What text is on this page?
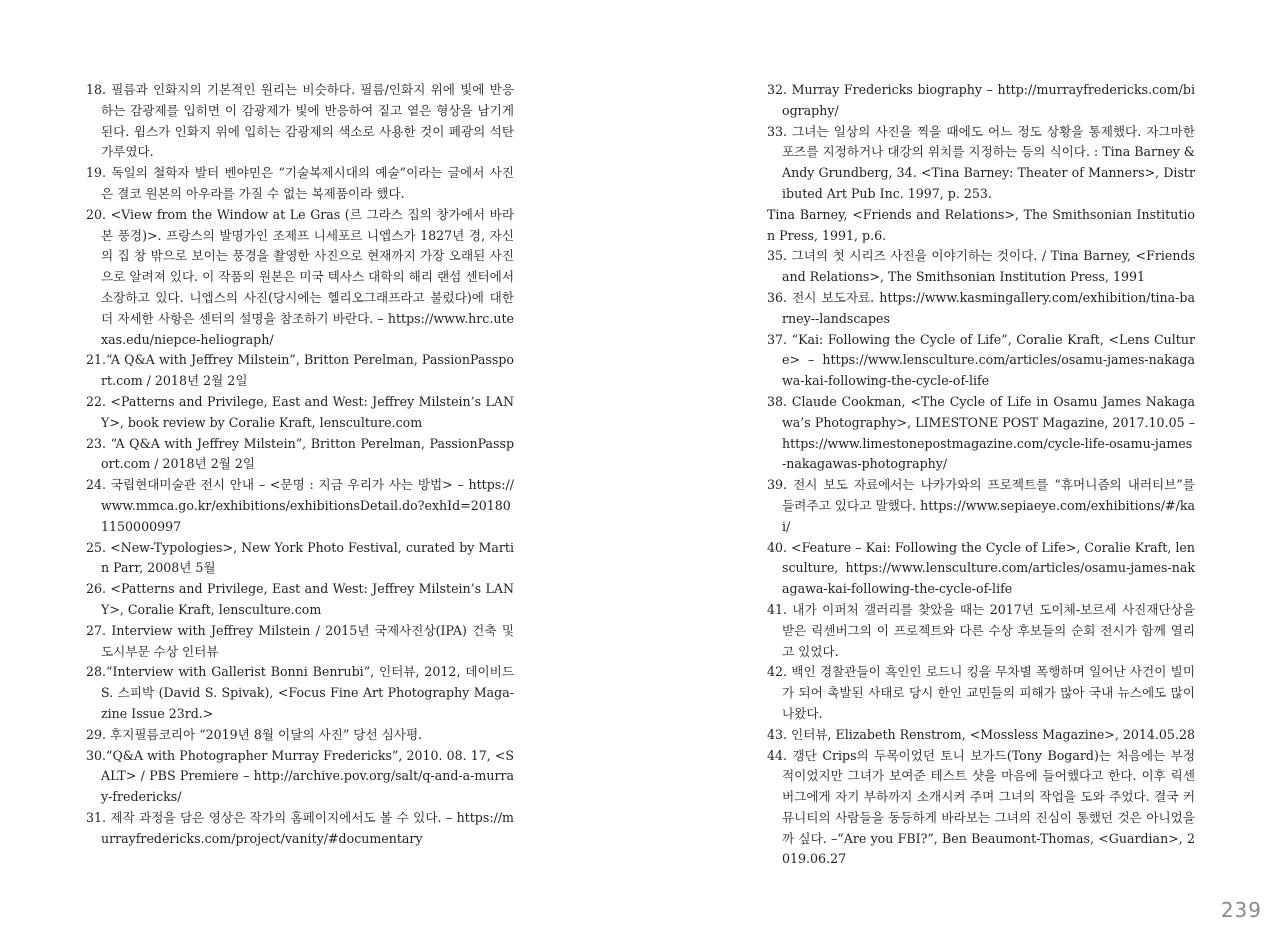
18. 필름과 인화지의 기본적인 원리는 비슷하다. 필름/인화지 위에 빛에 반응하는 감광제를 입히면 이 감광제가 빛에 반응하여 짙고 옅은 형상을 남기게 된다. 윔스가 인화지 위에 입히는 감광제의 색소로 사용한 것이 폐광의 석탄가루였다.

19. 독일의 철학자 발터 벤야민은 “기술복제시대의 예술”이라는 글에서 사진은 결코 원본의 아우라를 가질 수 없는 복제품이라 했다.

20. <View from the Window at Le Gras (르 그라스 집의 창가에서 바라본 풍경)>. 프랑스의 발명가인 조제프 니세포르 니엡스가 1827년 경, 자신의 집 창 밖으로 보이는 풍경을 촬영한 사진으로 현재까지 가장 오래된 사진으로 알려져 있다. 이 작품의 원본은 미국 텍사스 대학의 해리 랜섬 센터에서 소장하고 있다. 니엡스의 사진(당시에는 헬리오그래프라고 불렀다)에 대한 더 자세한 사항은 센터의 설명을 참조하기 바란다. – https://www.hrc.utexas.edu/niepce-heliograph/

21.“A Q&A with Jeffrey Milstein”, Britton Perelman, PassionPassport.com / 2018년 2월 2일

22. <Patterns and Privilege, East and West: Jeffrey Milstein’s LANY>, book review by Coralie Kraft, lensculture.com

23. “A Q&A with Jeffrey Milstein”, Britton Perelman, PassionPassport.com / 2018년 2월 2일

24. 국립현대미술관 전시 안내 – <문명 : 지금 우리가 사는 방법> – https://www.mmca.go.kr/exhibitions/exhibitionsDetail.do?exhId=201801150000997

25. <New-Typologies>, New York Photo Festival, curated by Martin Parr, 2008년 5월

26. <Patterns and Privilege, East and West: Jeffrey Milstein’s LANY>, Coralie Kraft, lensculture.com

27. Interview with Jeffrey Milstein / 2015년 국제사진상(IPA) 건축 및 도시부문 수상 인터뷰

28.“Interview with Gallerist Bonni Benrubi”, 인터뷰, 2012, 데이비드 S. 스피박 (David S. Spivak), <Focus Fine Art Photography Maga-zine Issue 23rd.>

29. 후지필름코리아 “2019년 8월 이달의 사진” 당선 심사평.

30.“Q&A with Photographer Murray Fredericks”, 2010. 08. 17, <SALT> / PBS Premiere – http://archive.pov.org/salt/q-and-a-murray-fredericks/

31. 제작 과정을 담은 영상은 작가의 홈페이지에서도 볼 수 있다. – https://murrayfredericks.com/project/vanity/#documentary

32. Murray Fredericks biography – http://murrayfredericks.com/biography/

33. 그녀는 일상의 사진을 찍을 때에도 어느 정도 상황을 통제했다. 자그마한 포즈를 지정하거나 대강의 위치를 지정하는 등의 식이다. : Tina Barney & Andy Grundberg, 34. <Tina Barney: Theater of Manners>, Distributed Art Pub Inc. 1997, p. 253.

Tina Barney, <Friends and Relations>, The Smithsonian Institution Press, 1991, p.6.

35. 그녀의 첫 시리즈 사진을 이야기하는 것이다. / Tina Barney, <Friends and Relations>, The Smithsonian Institution Press, 1991

36. 전시 보도자료. https://www.kasmingallery.com/exhibition/tina-barney--landscapes

37. “Kai: Following the Cycle of Life”, Coralie Kraft, <Lens Culture> – https://www.lensculture.com/articles/osamu-james-nakagawa-kai-following-the-cycle-of-life

38. Claude Cookman, <The Cycle of Life in Osamu James Nakagawa’s Photography>, LIMESTONE POST Magazine, 2017.10.05 – https://www.limestonepostmagazine.com/cycle-life-osamu-james-nakagawas-photography/

39. 전시 보도 자료에서는 나카가와의 프로젝트를 “휴머니즘의 내러티브”를 들려주고 있다고 말했다. https://www.sepiaeye.com/exhibitions/#/kai/

40. <Feature – Kai: Following the Cycle of Life>, Coralie Kraft, lensculture, https://www.lensculture.com/articles/osamu-james-nakagawa-kai-following-the-cycle-of-life

41. 내가 이퍼처 갤러리를 찾았을 때는 2017년 도이체-보르세 사진재단상을 받은 릭센버그의 이 프로젝트와 다른 수상 후보들의 순회 전시가 함께 열리고 있었다.

42. 백인 경찰관들이 흑인인 로드니 킹을 무차별 폭행하며 일어난 사건이 빌미가 되어 촉발된 사태로 당시 한인 교민들의 피해가 많아 국내 뉴스에도 많이 나왔다.

43. 인터뷰, Elizabeth Renstrom, <Mossless Magazine>, 2014.05.28

44. 갱단 Crips의 두목이었던 토니 보가드(Tony Bogard)는 처음에는 부정적이었지만 그녀가 보여준 테스트 샷을 마음에 들어했다고 한다. 이후 릭센버그에게 자기 부하까지 소개시켜 주며 그녀의 작업을 도와 주었다. 결국 커뮤니티의 사람들을 동등하게 바라보는 그녀의 진심이 통했던 것은 아니었을까 싶다. –“Are you FBI?”, Ben Beaumont-Thomas, <Guardian>, 2019.06.27

239
